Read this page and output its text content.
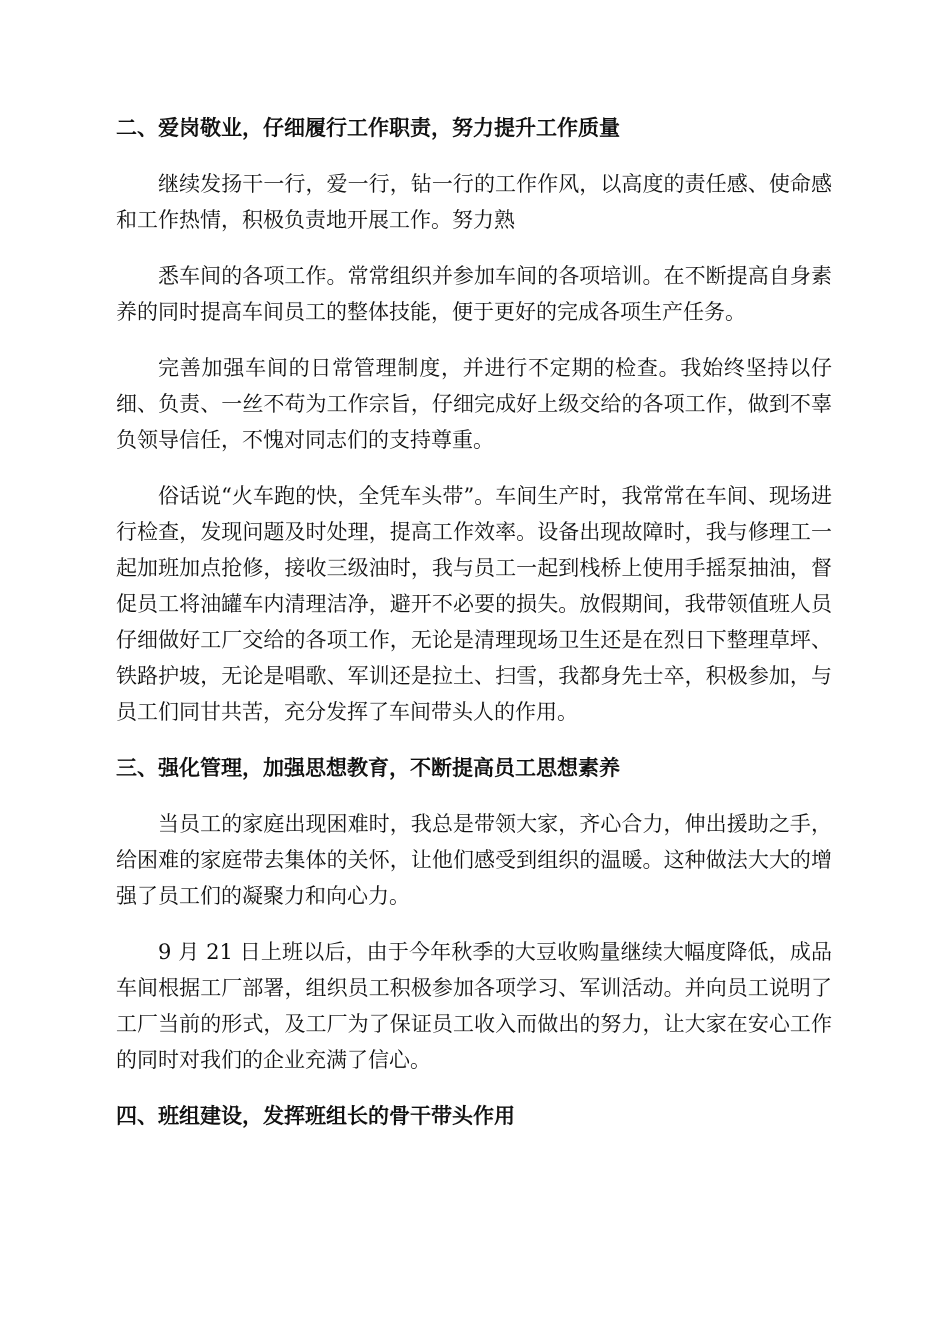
二、爱岗敬业，仔细履行工作职责，努力提升工作质量

继续发扬干一行，爱一行，钻一行的工作作风，以高度的责任感、使命感和工作热情，积极负责地开展工作。努力熟

悉车间的各项工作。常常组织并参加车间的各项培训。在不断提高自身素养的同时提高车间员工的整体技能，便于更好的完成各项生产任务。

完善加强车间的日常管理制度，并进行不定期的检查。我始终坚持以仔细、负责、一丝不苟为工作宗旨，仔细完成好上级交给的各项工作，做到不辜负领导信任，不愧对同志们的支持尊重。

俗话说“火车跑的快，全凭车头带”。车间生产时，我常常在车间、现场进行检查，发现问题及时处理，提高工作效率。设备出现故障时，我与修理工一起加班加点抢修，接收三级油时，我与员工一起到栈桥上使用手摇泵抽油，督促员工将油罐车内清理洁净，避开不必要的损失。放假期间，我带领值班人员仔细做好工厂交给的各项工作，无论是清理现场卫生还是在烈日下整理草坪、铁路护坡，无论是唱歌、军训还是拉土、扫雪，我都身先士卒，积极参加，与员工们同甘共苦，充分发挥了车间带头人的作用。

三、强化管理，加强思想教育，不断提高员工思想素养

当员工的家庭出现困难时，我总是带领大家，齐心合力，伸出援助之手，给困难的家庭带去集体的关怀，让他们感受到组织的温暖。这种做法大大的增强了员工们的凝聚力和向心力。

9 月 21 日上班以后，由于今年秋季的大豆收购量继续大幅度降低，成品车间根据工厂部署，组织员工积极参加各项学习、军训活动。并向员工说明了工厂当前的形式，及工厂为了保证员工收入而做出的努力，让大家在安心工作的同时对我们的企业充满了信心。

四、班组建设，发挥班组长的骨干带头作用
